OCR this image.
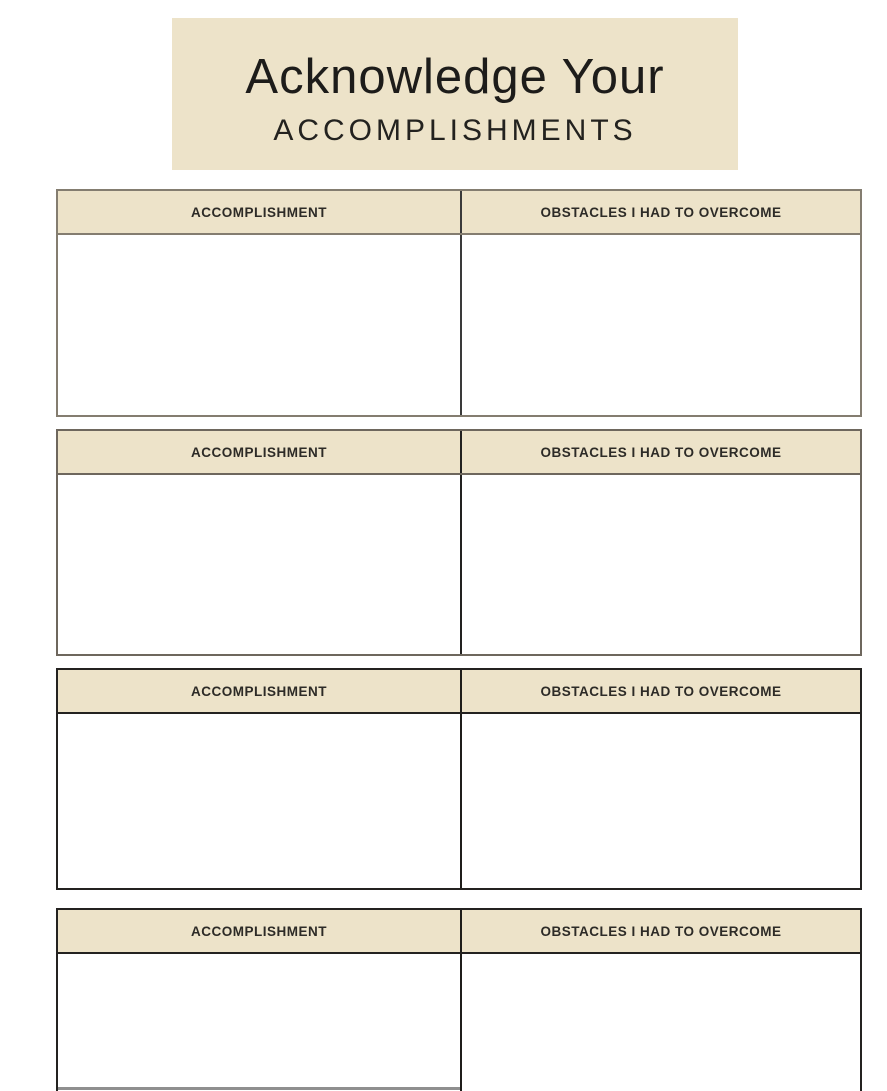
Acknowledge Your
ACCOMPLISHMENTS
ACCOMPLISHMENT	OBSTACLES I HAD TO OVERCOME
ACCOMPLISHMENT	OBSTACLES I HAD TO OVERCOME
ACCOMPLISHMENT	OBSTACLES I HAD TO OVERCOME
ACCOMPLISHMENT	OBSTACLES I HAD TO OVERCOME
